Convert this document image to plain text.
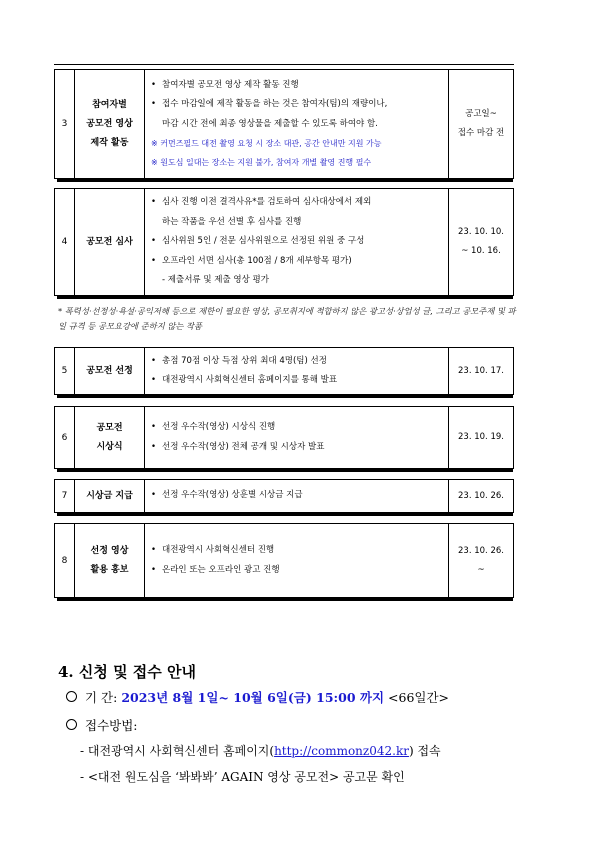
3
참여자별
공모전 영상
제작 활동
• 참여자별 공모전 영상 제작 활동 진행
• 접수 마감일에 제작 활동을 하는 것은 참여자(팀)의 재량이나,
마감 시간 전에 최종 영상물을 제출할 수 있도록 하여야 함.
※ 커먼즈필드 대전 촬영 요청 시 장소 대관, 공간 안내만 지원 가능
※ 원도심 일대는 장소는 지원 불가, 참여자 개별 촬영 진행 필수
공고일~
접수 마감 전
4	공모전 심사
• 심사 진행 이전 결격사유*를 검토하여 심사대상에서 제외
하는 작품을 우선 선별 후 심사를 진행
• 심사위원 5인 / 전문 심사위원으로 선정된 위원 중 구성
• 오프라인 서면 심사(총 100점 / 8개 세부항목 평가)
- 제출서류 및 제출 영상 평가
23. 10. 10.
~ 10. 16.
5	공모전 선정
• 총점 70점 이상 득점 상위 최대 4명(팀) 선정
• 대전광역시 사회혁신센터 홈페이지를 통해 발표
23. 10. 17.
6
공모전
시상식
• 선정 우수작(영상) 시상식 진행
• 선정 우수작(영상) 전체 공개 및 시상자 발표
23. 10. 19.
7	시상금 지급
•	선정 우수작(영상) 상훈별 시상금 지급	23. 10. 26.
8
선정 영상
활용 홍보
• 대전광역시 사회혁신센터 진행
• 온라인 또는 오프라인 광고 진행
23. 10. 26.
~
* 폭력성·선정성·욕설·공익저해 등으로 제한이 필요한 영상, 공모취지에 적합하지 않은 광고성·상업성 글, 그리고 공모주제 및 파일 규격 등 공모요강에 준하지 않는 작품
4. 신청 및 접수 안내
기 간: 2023년 8월 1일~ 10월 6일(금) 15:00 까지 <66일간>
접수방법:
- 대전광역시 사회혁신센터 홈페이지(http://commonz042.kr) 접속
- <대전 원도심을 ‘봐봐봐’ AGAIN 영상 공모전> 공고문 확인
